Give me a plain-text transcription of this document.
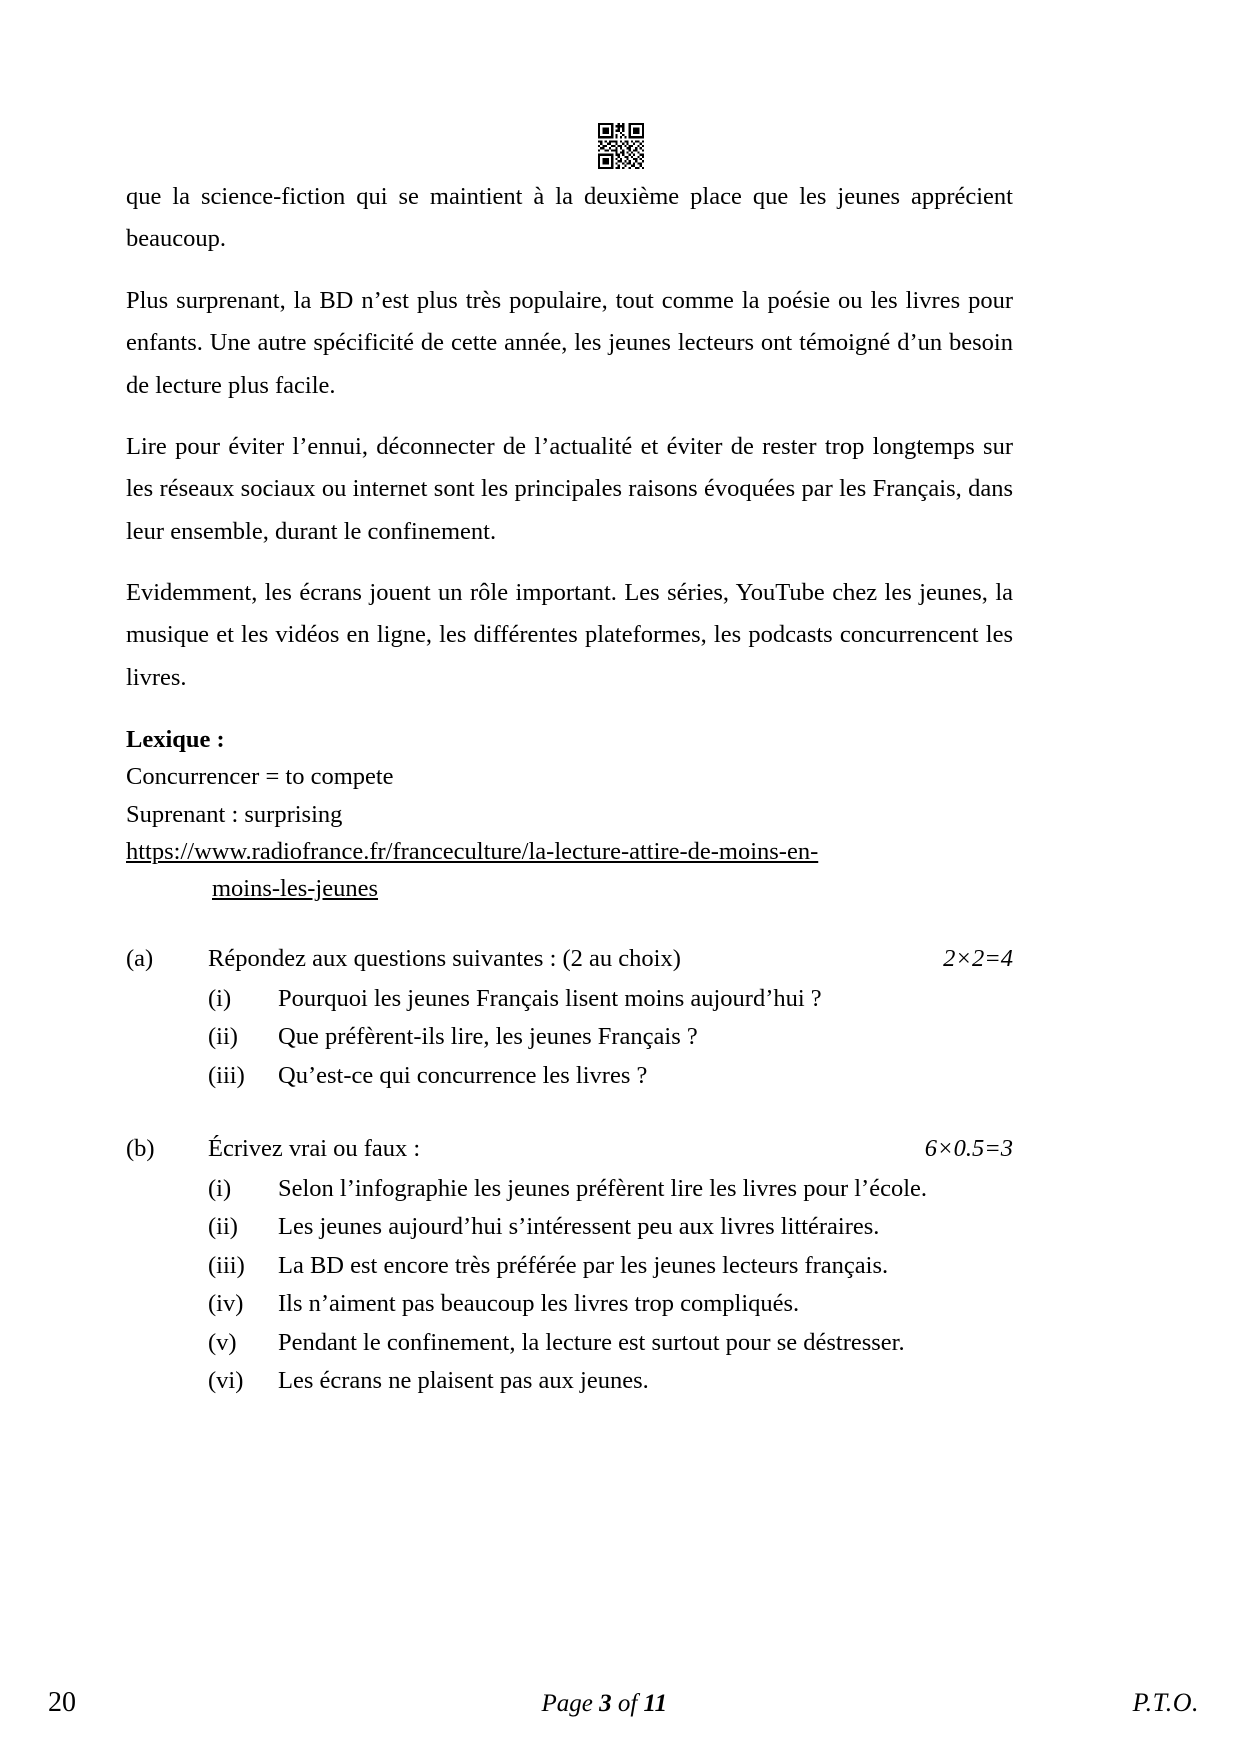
que la science-fiction qui se maintient à la deuxième place que les jeunes apprécient beaucoup.

Plus surprenant, la BD n’est plus très populaire, tout comme la poésie ou les livres pour enfants. Une autre spécificité de cette année, les jeunes lecteurs ont témoigné d’un besoin de lecture plus facile.

Lire pour éviter l’ennui, déconnecter de l’actualité et éviter de rester trop longtemps sur les réseaux sociaux ou internet sont les principales raisons évoquées par les Français, dans leur ensemble, durant le confinement.

Evidemment, les écrans jouent un rôle important. Les séries, YouTube chez les jeunes, la musique et les vidéos en ligne, les différentes plateformes, les podcasts concurrencent les livres.

Lexique :

Concurrencer = to compete

Suprenant : surprising

https://www.radiofrance.fr/franceculture/la-lecture-attire-de-moins-en-
moins-les-jeunes

(a)	Répondez aux questions suivantes : (2 au choix)	2×2=4
(i)	Pourquoi les jeunes Français lisent moins aujourd’hui ?
(ii)	Que préfèrent-ils lire, les jeunes Français ?
(iii)	Qu’est-ce qui concurrence les livres ?
(b)	Écrivez vrai ou faux :	6×0.5=3
(i)	Selon l’infographie les jeunes préfèrent lire les livres pour l’école.
(ii)	Les jeunes aujourd’hui s’intéressent peu aux livres littéraires.
(iii)	La BD est encore très préférée par les jeunes lecteurs français.
(iv)	Ils n’aiment pas beaucoup les livres trop compliqués.
(v)	Pendant le confinement, la lecture est surtout pour se déstresser.
(vi)	Les écrans ne plaisent pas aux jeunes.
20	Page 3 of 11	P.T.O.
